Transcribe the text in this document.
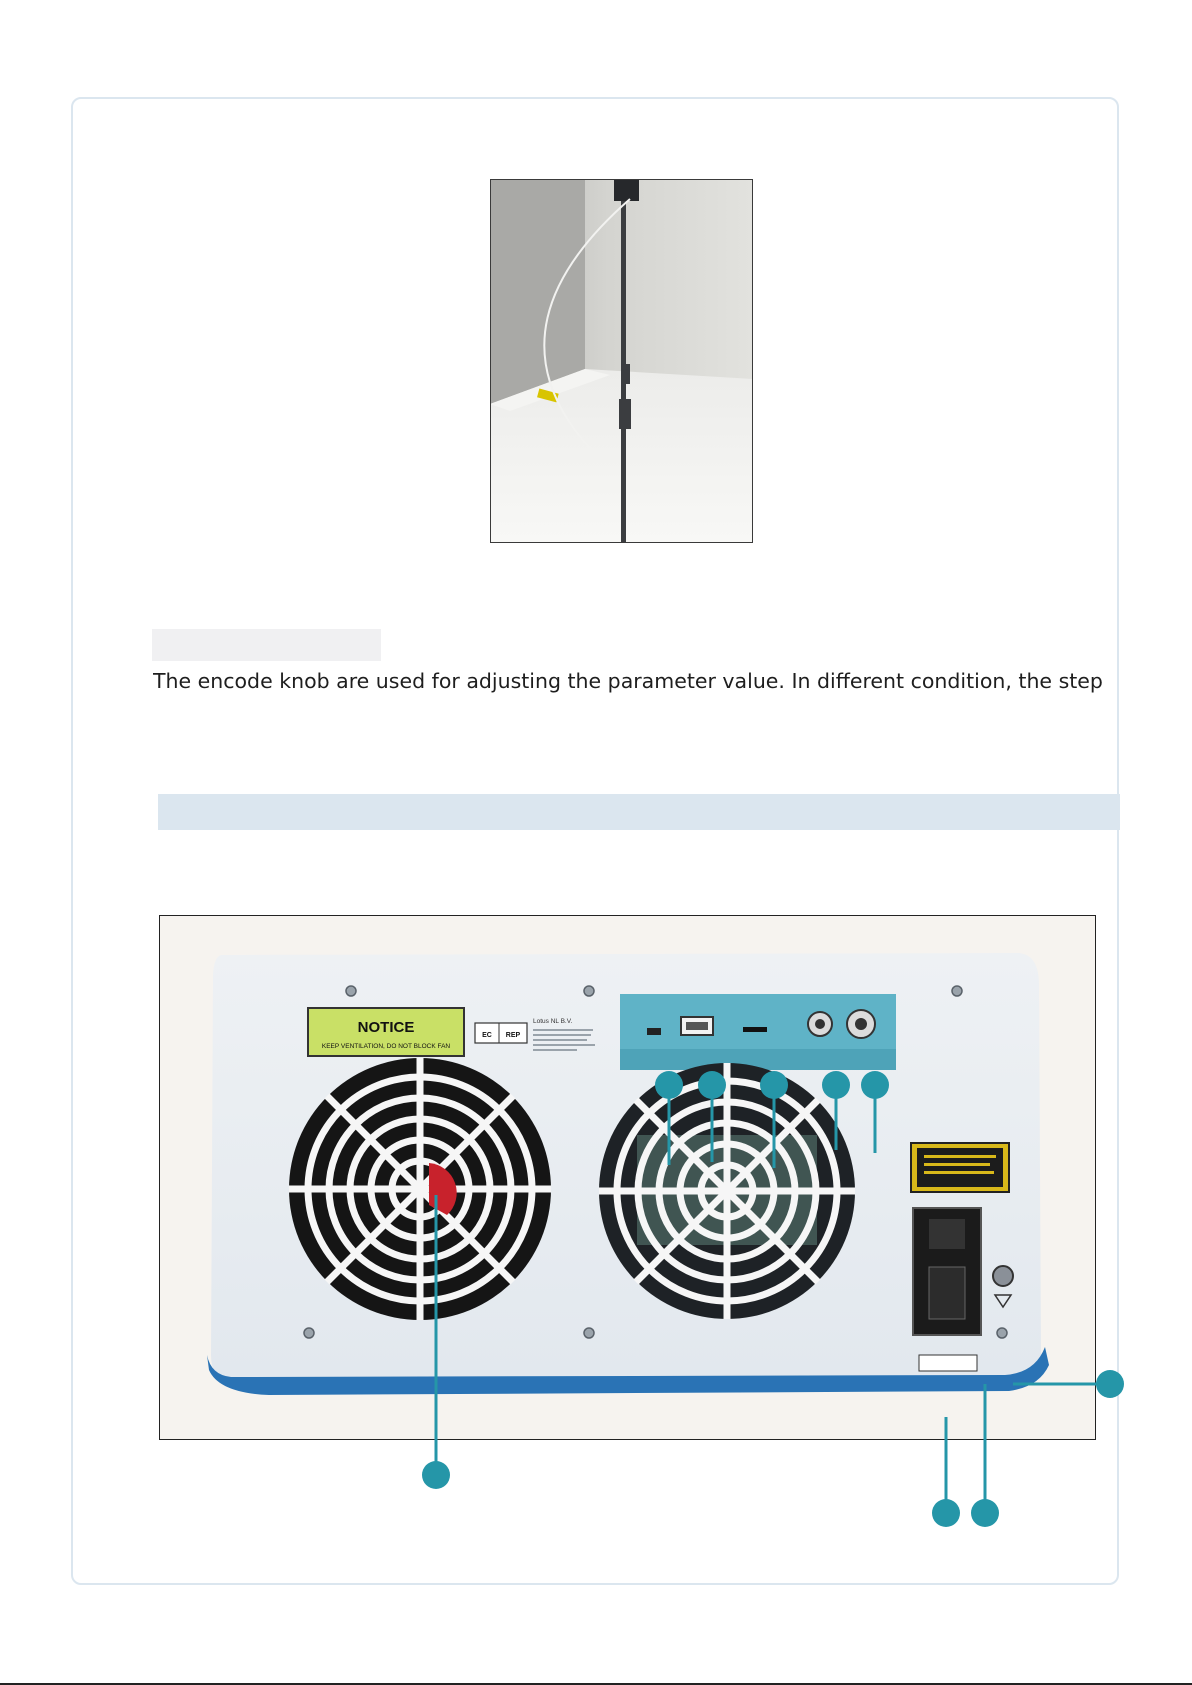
The encode knob are used for adjusting the parameter value. In different condition, the step
NOTICE
KEEP VENTILATION, DO NOT BLOCK FAN
EC REP
Lotus NL B.V.
